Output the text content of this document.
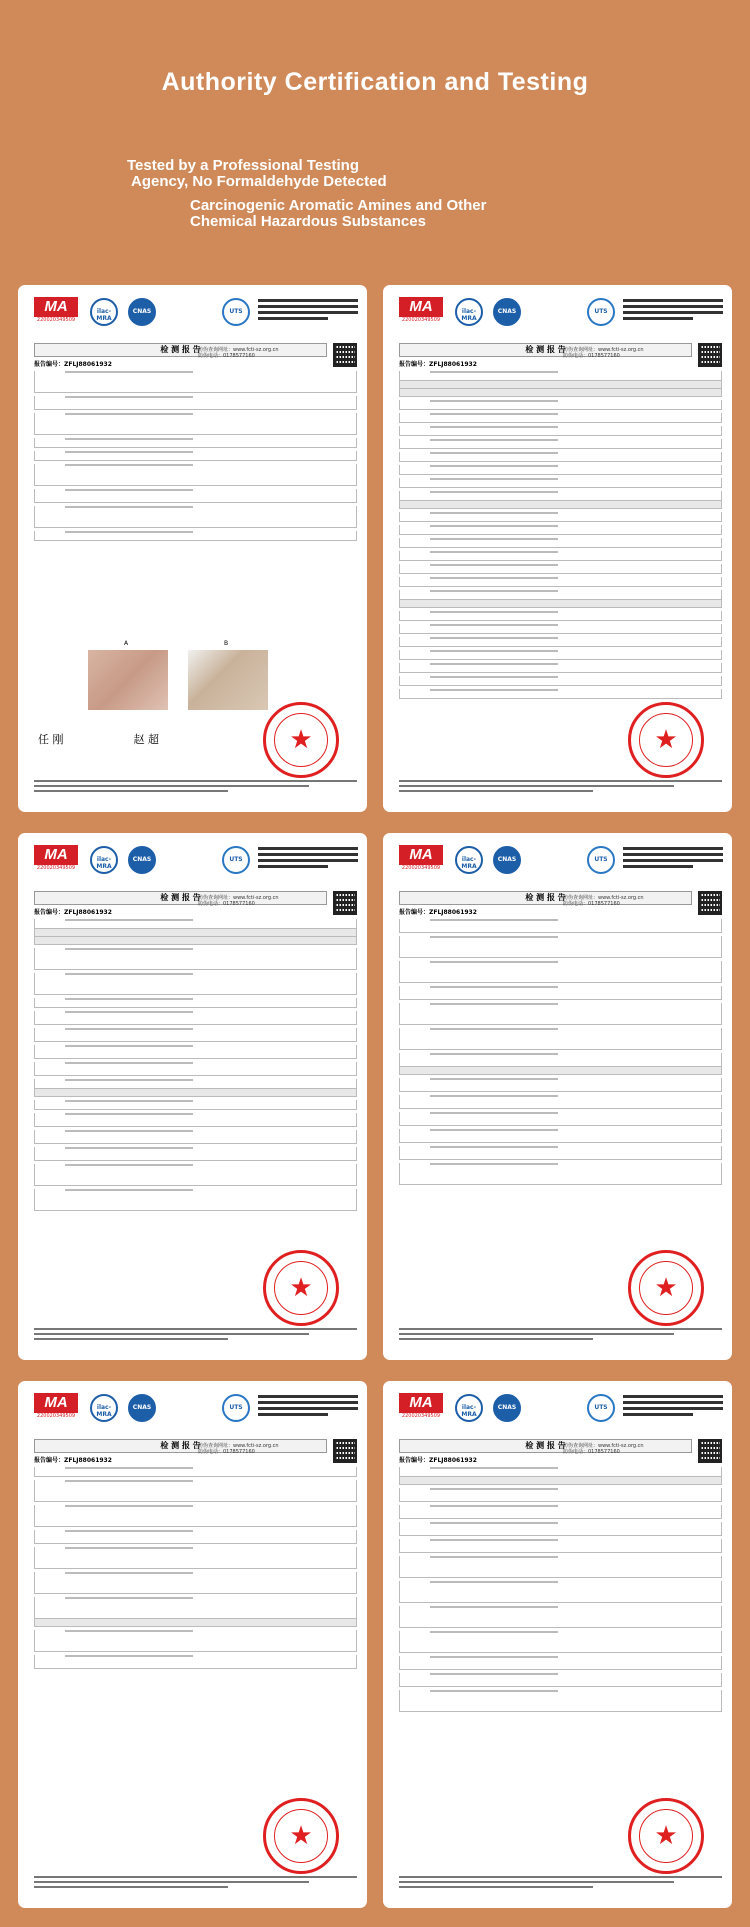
Authority Certification and Testing
Tested by a Professional Testing
Agency, No Formaldehyde Detected
Carcinogenic Aromatic Amines and Other
Chemical Hazardous Substances
MA
220020349509
ilac-MRA
CNAS	UTS
检 测 报 告
防伪查询网址：www.fcti-sz.org.cn
防伪电话：0178577160
报告编号：ZFLJ88061932
A	B
任 刚	赵 超	★
MA
220020349509
ilac-MRA
CNAS	UTS
检 测 报 告
防伪查询网址：www.fcti-sz.org.cn
防伪电话：0178577160
报告编号：ZFLJ88061932
★
MA
220020349509
ilac-MRA
CNAS	UTS
检 测 报 告
防伪查询网址：www.fcti-sz.org.cn
防伪电话：0178577160
报告编号：ZFLJ88061932
★
MA
220020349509
ilac-MRA
CNAS	UTS
检 测 报 告
防伪查询网址：www.fcti-sz.org.cn
防伪电话：0178577160
报告编号：ZFLJ88061932
★
MA
220020349509
ilac-MRA
CNAS	UTS
检 测 报 告
防伪查询网址：www.fcti-sz.org.cn
防伪电话：0178577160
报告编号：ZFLJ88061932
★
MA
220020349509
ilac-MRA
CNAS	UTS
检 测 报 告
防伪查询网址：www.fcti-sz.org.cn
防伪电话：0178577160
报告编号：ZFLJ88061932
★
